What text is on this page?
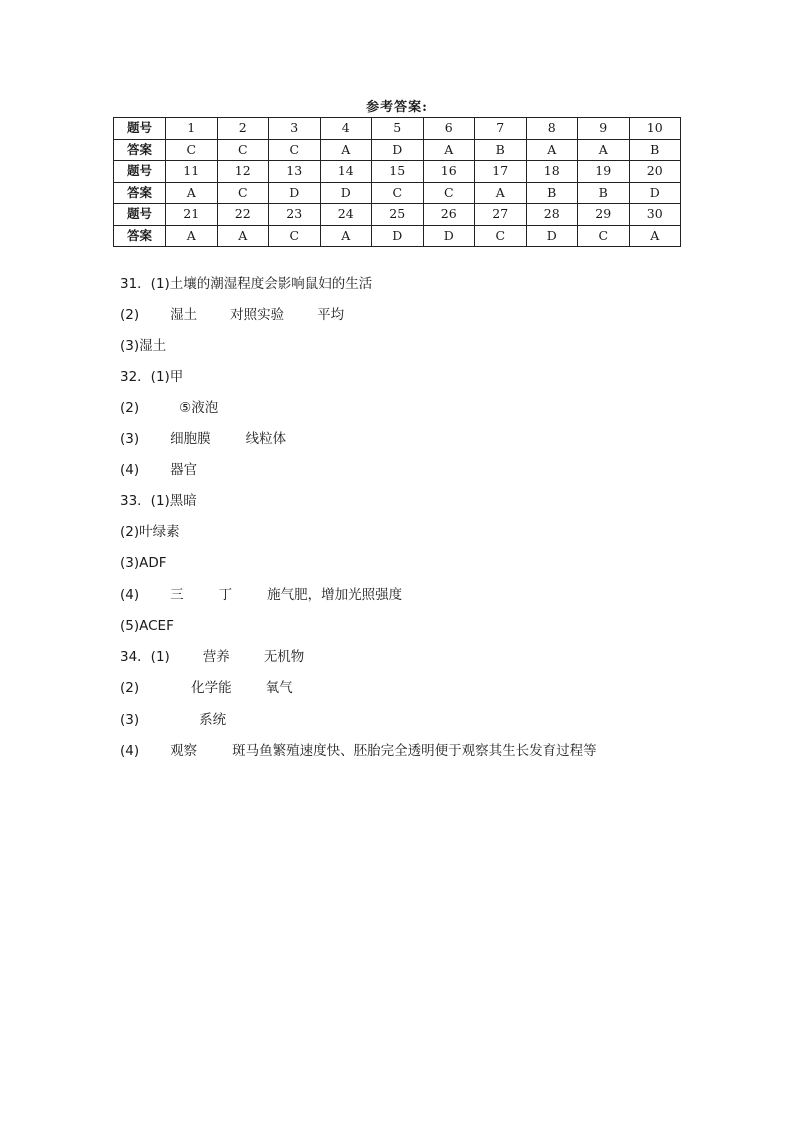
参考答案:
题号	1	2	3	4	5	6	7	8	9	10
答案	C	C	C	A	D	A	B	A	A	B
题号	11	12	13	14	15	16	17	18	19	20
答案	A	C	D	D	C	C	A	B	B	D
题号	21	22	23	24	25	26	27	28	29	30
答案	A	A	C	A	D	D	C	D	C	A
31．(1)土壤的潮湿程度会影响鼠妇的生活
(2) 湿土 对照实验 平均
(3)湿土
32．(1)甲
(2)	⑤液泡
(3) 细胞膜	线粒体
(4) 器官
33．(1)黑暗
(2)叶绿素
(3)ADF
(4) 三	丁	施气肥，增加光照强度
(5)ACEF
34．(1) 营养	无机物
(2)	化学能	氧气
(3)	系统
(4) 观察	斑马鱼繁殖速度快、胚胎完全透明便于观察其生长发育过程等
